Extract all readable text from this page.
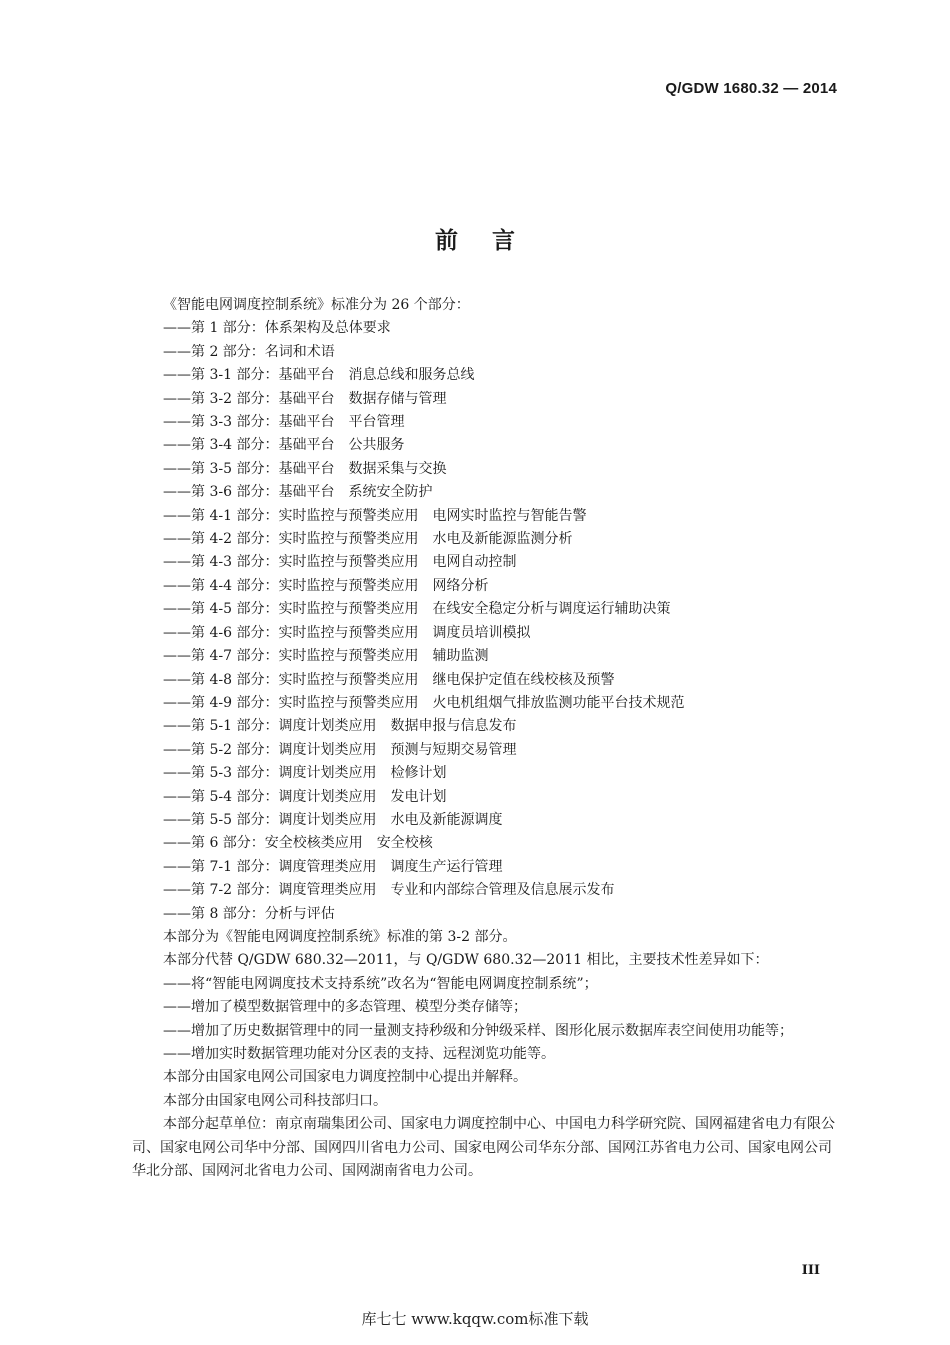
Q/GDW 1680.32 — 2014
前言

《智能电网调度控制系统》标准分为 26 个部分：

——第 1 部分：体系架构及总体要求

——第 2 部分：名词和术语

——第 3-1 部分：基础平台　消息总线和服务总线

——第 3-2 部分：基础平台　数据存储与管理

——第 3-3 部分：基础平台　平台管理

——第 3-4 部分：基础平台　公共服务

——第 3-5 部分：基础平台　数据采集与交换

——第 3-6 部分：基础平台　系统安全防护

——第 4-1 部分：实时监控与预警类应用　电网实时监控与智能告警

——第 4-2 部分：实时监控与预警类应用　水电及新能源监测分析

——第 4-3 部分：实时监控与预警类应用　电网自动控制

——第 4-4 部分：实时监控与预警类应用　网络分析

——第 4-5 部分：实时监控与预警类应用　在线安全稳定分析与调度运行辅助决策

——第 4-6 部分：实时监控与预警类应用　调度员培训模拟

——第 4-7 部分：实时监控与预警类应用　辅助监测

——第 4-8 部分：实时监控与预警类应用　继电保护定值在线校核及预警

——第 4-9 部分：实时监控与预警类应用　火电机组烟气排放监测功能平台技术规范

——第 5-1 部分：调度计划类应用　数据申报与信息发布

——第 5-2 部分：调度计划类应用　预测与短期交易管理

——第 5-3 部分：调度计划类应用　检修计划

——第 5-4 部分：调度计划类应用　发电计划

——第 5-5 部分：调度计划类应用　水电及新能源调度

——第 6 部分：安全校核类应用　安全校核

——第 7-1 部分：调度管理类应用　调度生产运行管理

——第 7-2 部分：调度管理类应用　专业和内部综合管理及信息展示发布

——第 8 部分：分析与评估

本部分为《智能电网调度控制系统》标准的第 3-2 部分。

本部分代替 Q/GDW 680.32—2011，与 Q/GDW 680.32—2011 相比，主要技术性差异如下：

——将“智能电网调度技术支持系统”改名为“智能电网调度控制系统”；

——增加了模型数据管理中的多态管理、模型分类存储等；

——增加了历史数据管理中的同一量测支持秒级和分钟级采样、图形化展示数据库表空间使用功能等；

——增加实时数据管理功能对分区表的支持、远程浏览功能等。

本部分由国家电网公司国家电力调度控制中心提出并解释。

本部分由国家电网公司科技部归口。

本部分起草单位：南京南瑞集团公司、国家电力调度控制中心、中国电力科学研究院、国网福建省电力有限公司、国家电网公司华中分部、国网四川省电力公司、国家电网公司华东分部、国网江苏省电力公司、国家电网公司华北分部、国网河北省电力公司、国网湖南省电力公司。

III
库七七 www.kqqw.com标准下载
